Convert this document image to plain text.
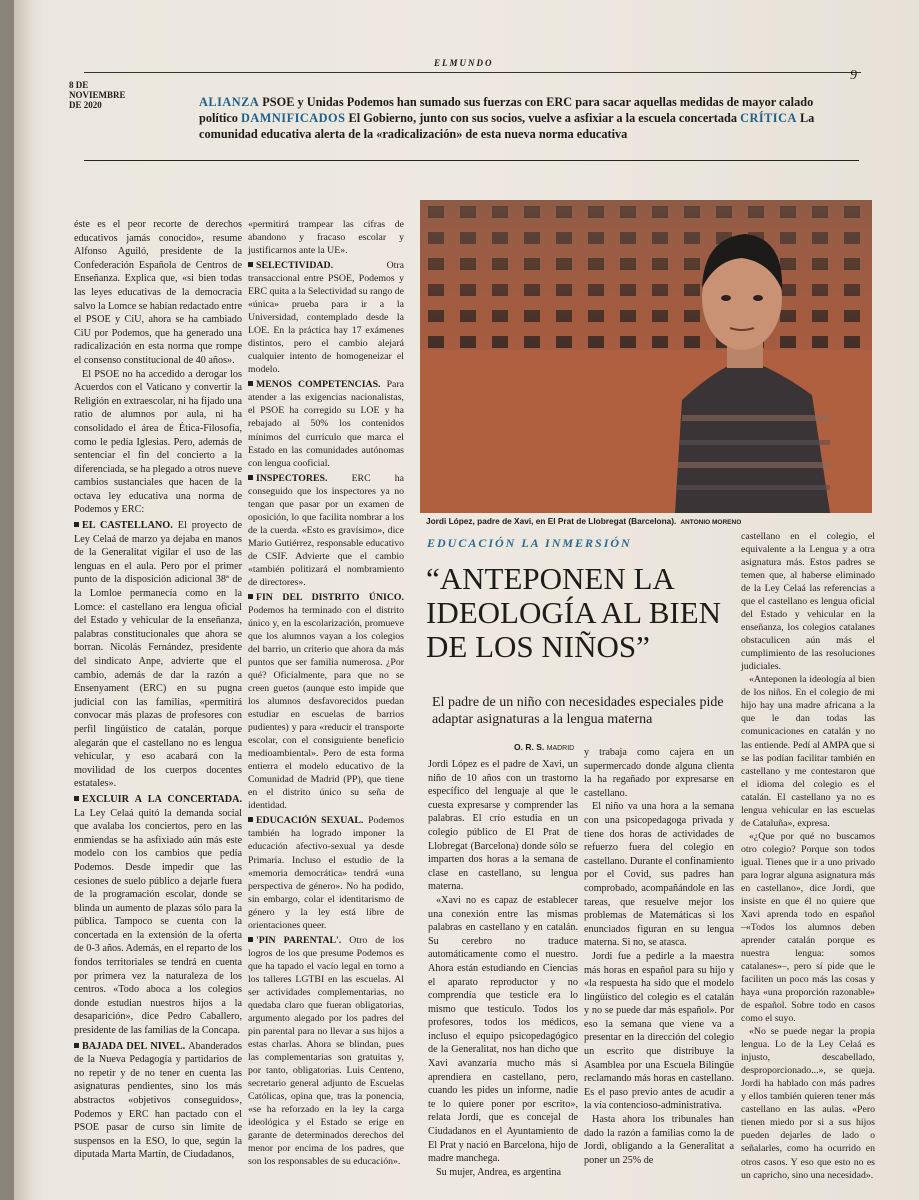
ELMUNDO
8 DE
NOVIEMBRE
DE 2020
9
ALIANZA PSOE y Unidas Podemos han sumado sus fuerzas con ERC para sacar aquellas medidas de mayor calado político DAMNIFICADOS El Gobierno, junto con sus socios, vuelve a asfixiar a la escuela concertada CRÍTICA La comunidad educativa alerta de la «radicalización» de esta nueva norma educativa

éste es el peor recorte de derechos educativos jamás conocido», resume Alfonso Aguiló, presidente de la Confederación Española de Centros de Enseñanza. Explica que, «si bien todas las leyes educativas de la democracia salvo la Lomce se habían redactado entre el PSOE y CiU, ahora se ha cambiado CiU por Podemos, que ha generado una radicalización en esta norma que rompe el consenso constitucional de 40 años».

El PSOE no ha accedido a derogar los Acuerdos con el Vaticano y convertir la Religión en extraescolar, ni ha fijado una ratio de alumnos por aula, ni ha consolidado el área de Ética-Filosofía, como le pedía Iglesias. Pero, además de sentenciar el fin del concierto a la diferenciada, se ha plegado a otros nueve cambios sustanciales que hacen de la octava ley educativa una norma de Podemos y ERC:

EL CASTELLANO. El proyecto de Ley Celaá de marzo ya dejaba en manos de la Generalitat vigilar el uso de las lenguas en el aula. Pero por el primer punto de la disposición adicional 38ª de la Lomloe permanecía como en la Lomce: el castellano era lengua oficial del Estado y vehicular de la enseñanza, palabras constitucionales que ahora se borran. Nicolás Fernández, presidente del sindicato Anpe, advierte que el cambio, además de dar la razón a Ensenyament (ERC) en su pugna judicial con las familias, «permitirá convocar más plazas de profesores con perfil lingüístico de catalán, porque alegarán que el castellano no es lengua vehicular, y eso acabará con la movilidad de los cuerpos docentes estatales».

EXCLUIR A LA CONCERTADA. La Ley Celaá quitó la demanda social que avalaba los conciertos, pero en las enmiendas se ha asfixiado aún más este modelo con los cambios que pedía Podemos. Desde impedir que las cesiones de suelo público a dejarle fuera de la programación escolar, donde se blinda un aumento de plazas sólo para la pública. Tampoco se cuenta con la concertada en la extensión de la oferta de 0-3 años. Además, en el reparto de los fondos territoriales se tendrá en cuenta por primera vez la naturaleza de los centros. «Todo aboca a los colegios donde estudian nuestros hijos a la desaparición», dice Pedro Caballero, presidente de las familias de la Concapa.

BAJADA DEL NIVEL. Abanderados de la Nueva Pedagogía y partidarios de no repetir y de no tener en cuenta las asignaturas pendientes, sino los más abstractos «objetivos conseguidos», Podemos y ERC han pactado con el PSOE pasar de curso sin límite de suspensos en la ESO, lo que, según la diputada Marta Martín, de Ciudadanos,

«permitirá trampear las cifras de abandono y fracaso escolar y justificarnos ante la UE».

SELECTIVIDAD.	Otra transaccional entre PSOE, Podemos y ERC quita a la Selectividad su rango de «única» prueba para ir a la Universidad, contemplado desde la LOE. En la práctica hay 17 exámenes distintos, pero el cambio alejará cualquier intento de homogeneizar el modelo.

MENOS COMPETENCIAS. Para atender a las exigencias nacionalistas, el PSOE ha corregido su LOE y ha rebajado al 50% los contenidos mínimos del currículo que marca el Estado en las comunidades autónomas con lengua cooficial.

INSPECTORES. ERC ha conseguido que los inspectores ya no tengan que pasar por un examen de oposición, lo que facilita nombrar a los de la cuerda. «Esto es gravísimo», dice Mario Gutiérrez, responsable educativo de CSIF. Advierte que el cambio «también politizará el nombramiento de directores».

FIN DEL DISTRITO ÚNICO. Podemos ha terminado con el distrito único y, en la escolarización, promueve que los alumnos vayan a los colegios del barrio, un criterio que ahora da más puntos que ser familia numerosa. ¿Por qué? Oficialmente, para que no se creen guetos (aunque esto impide que los alumnos desfavorecidos puedan estudiar en escuelas de barrios pudientes) y para «reducir el transporte escolar, con el consiguiente beneficio medioambiental». Pero de esta forma entierra el modelo educativo de la Comunidad de Madrid (PP), que tiene en el distrito único su seña de identidad.

EDUCACIÓN SEXUAL. Podemos también ha logrado imponer la educación afectivo-sexual ya desde Primaria. Incluso el estudio de la «memoria democrática» tendrá «una perspectiva de género». No ha podido, sin embargo, colar el identitarismo de género y la ley está libre de orientaciones queer.

'PIN PARENTAL'. Otro de los logros de los que presume Podemos es que ha tapado el vacío legal en torno a los talleres LGTBI en las escuelas. Al ser actividades complementarias, no quedaba claro que fueran obligatorias, argumento alegado por los padres del pin parental para no llevar a sus hijos a estas charlas. Ahora se blindan, pues las complementarias son gratuitas y, por tanto, obligatorias. Luis Centeno, secretario general adjunto de Escuelas Católicas, opina que, tras la ponencia, «se ha reforzado en la ley la carga ideológica y el Estado se erige en garante de determinados derechos del menor por encima de los padres, que son los responsables de su educación».

Jordi López, padre de Xavi, en El Prat de Llobregat (Barcelona). ANTONIO MORENO
EDUCACIÓN LA INMERSIÓN
“ANTEPONEN LA IDEOLOGÍA AL BIEN DE LOS NIÑOS”
El padre de un niño con necesidades especiales pide adaptar asignaturas a la lengua materna
O. R. S. MADRID

Jordi López es el padre de Xavi, un niño de 10 años con un trastorno específico del lenguaje al que le cuesta expresarse y comprender las palabras. El crío estudia en un colegio público de El Prat de Llobregat (Barcelona) donde sólo se imparten dos horas a la semana de clase en castellano, su lengua materna.

«Xavi no es capaz de establecer una conexión entre las mismas palabras en castellano y en catalán. Su cerebro no traduce automáticamente como el nuestro. Ahora están estudiando en Ciencias el aparato reproductor y no comprendía que testicle era lo mismo que testículo. Todos los profesores, todos los médicos, incluso el equipo psicopedagógico de la Generalitat, nos han dicho que Xavi avanzaría mucho más si aprendiera en castellano, pero, cuando les pides un informe, nadie te lo quiere poner por escrito», relata Jordi, que es concejal de Ciudadanos en el Ayuntamiento de El Prat y nació en Barcelona, hijo de madre manchega.

Su mujer, Andrea, es argentina

y trabaja como cajera en un supermercado donde alguna clienta la ha regañado por expresarse en castellano.

El niño va una hora a la semana con una psicopedagoga privada y tiene dos horas de actividades de refuerzo fuera del colegio en castellano. Durante el confinamiento por el Covid, sus padres han comprobado, acompañándole en las tareas, que resuelve mejor los problemas de Matemáticas si los enunciados figuran en su lengua materna. Si no, se atasca.

Jordi fue a pedirle a la maestra más horas en español para su hijo y «la respuesta ha sido que el modelo lingüístico del colegio es el catalán y no se puede dar más español». Por eso la semana que viene va a presentar en la dirección del colegio un escrito que distribuye la Asamblea por una Escuela Bilingüe reclamando más horas en castellano. Es el paso previo antes de acudir a la vía contencioso-administrativa.

Hasta ahora los tribunales han dado la razón a familias como la de Jordi, obligando a la Generalitat a poner un 25% de

castellano en el colegio, el equivalente a la Lengua y a otra asignatura más. Estos padres se temen que, al haberse eliminado de la Ley Celaá las referencias a que el castellano es lengua oficial del Estado y vehicular en la enseñanza, los colegios catalanes obstaculicen aún más el cumplimiento de las resoluciones judiciales.

«Anteponen la ideología al bien de los niños. En el colegio de mi hijo hay una madre africana a la que le dan todas las comunicaciones en catalán y no las entiende. Pedí al AMPA que si se las podían facilitar también en castellano y me contestaron que el idioma del colegio es el catalán. El castellano ya no es lengua vehicular en las escuelas de Cataluña», expresa.

«¿Que por qué no buscamos otro colegio? Porque son todos igual. Tienes que ir a uno privado para lograr alguna asignatura más en castellano», dice Jordi, que insiste en que él no quiere que Xavi aprenda todo en español –«Todos los alumnos deben aprender catalán porque es nuestra lengua: somos catalanes»–, pero sí pide que le faciliten un poco más las cosas y haya «una proporción razonable» de español. Sobre todo en casos como el suyo.

«No se puede negar la propia lengua. Lo de la Ley Celaá es injusto, descabellado, desproporcionado...», se queja. Jordi ha hablado con más padres y ellos también quieren tener más castellano en las aulas. «Pero tienen miedo por si a sus hijos pueden dejarles de lado o señalarles, como ha ocurrido en otros casos. Y eso que esto no es un capricho, sino una necesidad».
